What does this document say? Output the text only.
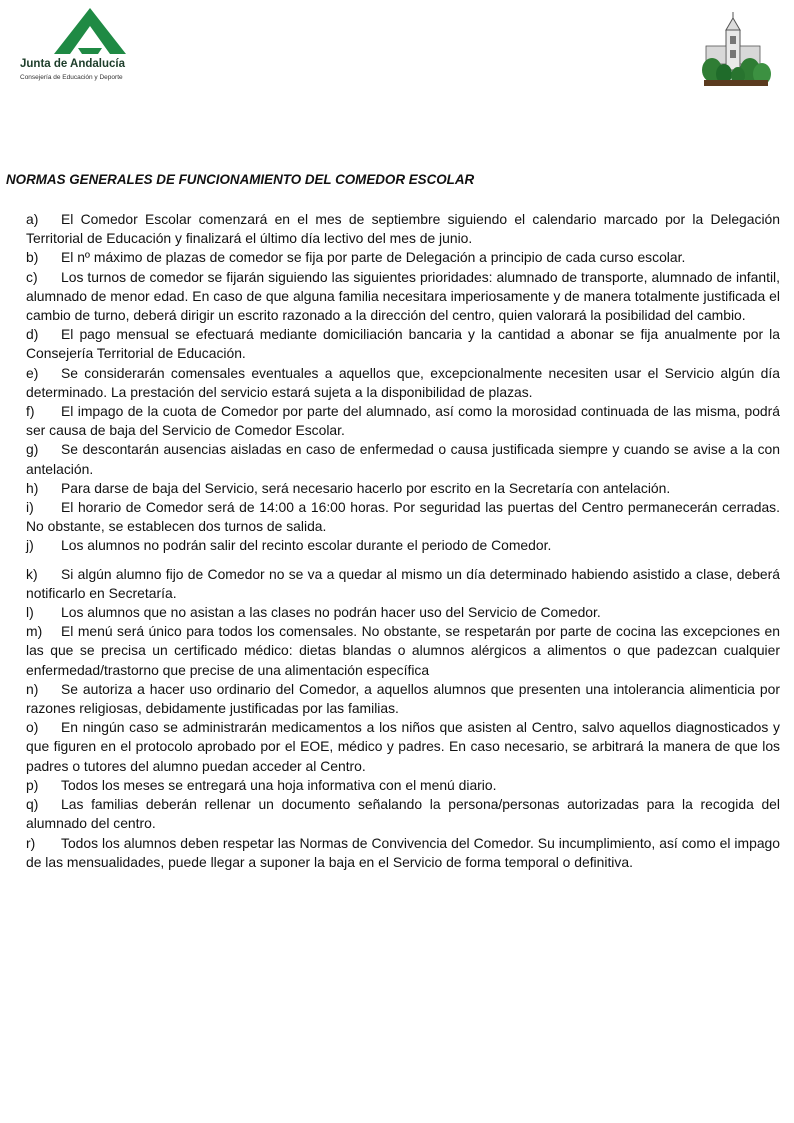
Junta de Andalucía
Consejería de Educación y Deporte
NORMAS GENERALES DE FUNCIONAMIENTO DEL COMEDOR ESCOLAR

a) El Comedor Escolar comenzará en el mes de septiembre siguiendo el calendario marcado por la Delegación Territorial de Educación y finalizará el último día lectivo del mes de junio.

b) El nº máximo de plazas de comedor se fija por parte de Delegación a principio de cada curso escolar.

c) Los turnos de comedor se fijarán siguiendo las siguientes prioridades: alumnado de transporte, alumnado de infantil, alumnado de menor edad. En caso de que alguna familia necesitara imperiosamente y de manera totalmente justificada el cambio de turno, deberá dirigir un escrito razonado a la dirección del centro, quien valorará la posibilidad del cambio.

d) El pago mensual se efectuará mediante domiciliación bancaria y la cantidad a abonar se fija anualmente por la Consejería Territorial de Educación.

e) Se considerarán comensales eventuales a aquellos que, excepcionalmente necesiten usar el Servicio algún día determinado. La prestación del servicio estará sujeta a la disponibilidad de plazas.

f) El impago de la cuota de Comedor por parte del alumnado, así como la morosidad continuada de las misma, podrá ser causa de baja del Servicio de Comedor Escolar.

g) Se descontarán ausencias aisladas en caso de enfermedad o causa justificada siempre y cuando se avise a la con antelación.

h) Para darse de baja del Servicio, será necesario hacerlo por escrito en la Secretaría con antelación.

i) El horario de Comedor será de 14:00 a 16:00 horas. Por seguridad las puertas del Centro permanecerán cerradas. No obstante, se establecen dos turnos de salida.

j) Los alumnos no podrán salir del recinto escolar durante el periodo de Comedor.

k) Si algún alumno fijo de Comedor no se va a quedar al mismo un día determinado habiendo asistido a clase, deberá notificarlo en Secretaría.

l) Los alumnos que no asistan a las clases no podrán hacer uso del Servicio de Comedor.

m) El menú será único para todos los comensales. No obstante, se respetarán por parte de cocina las excepciones en las que se precisa un certificado médico: dietas blandas o alumnos alérgicos a alimentos o que padezcan cualquier enfermedad/trastorno que precise de una alimentación específica

n) Se autoriza a hacer uso ordinario del Comedor, a aquellos alumnos que presenten una intolerancia alimenticia por razones religiosas, debidamente justificadas por las familias.

o) En ningún caso se administrarán medicamentos a los niños que asisten al Centro, salvo aquellos diagnosticados y que figuren en el protocolo aprobado por el EOE, médico y padres. En caso necesario, se arbitrará la manera de que los padres o tutores del alumno puedan acceder al Centro.

p) Todos los meses se entregará una hoja informativa con el menú diario.

q) Las familias deberán rellenar un documento señalando la persona/personas autorizadas para la recogida del alumnado del centro.

r) Todos los alumnos deben respetar las Normas de Convivencia del Comedor. Su incumplimiento, así como el impago de las mensualidades, puede llegar a suponer la baja en el Servicio de forma temporal o definitiva.
